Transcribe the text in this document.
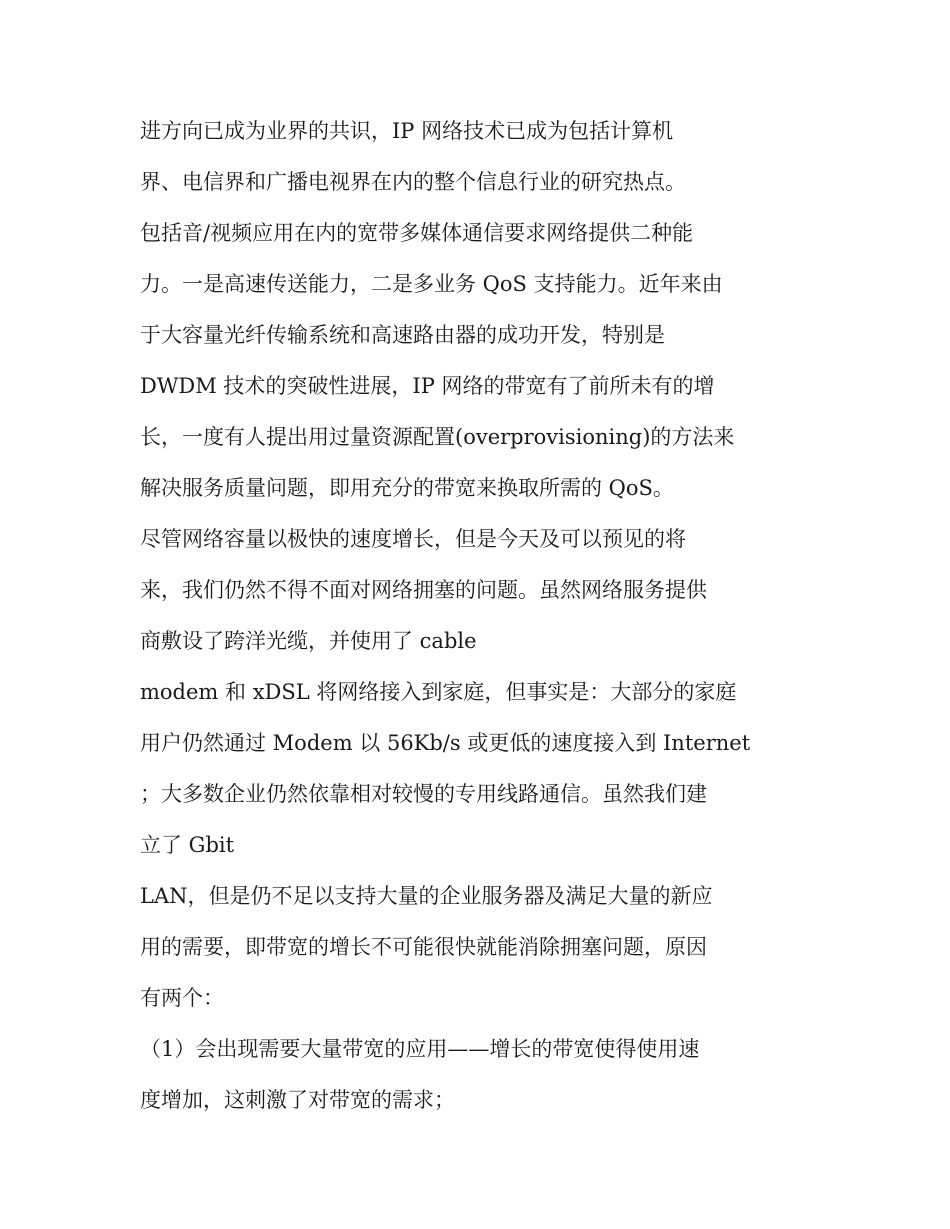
进方向已成为业界的共识，IP 网络技术已成为包括计算机
界、电信界和广播电视界在内的整个信息行业的研究热点。
包括音/视频应用在内的宽带多媒体通信要求网络提供二种能
力。一是高速传送能力，二是多业务 QoS 支持能力。近年来由
于大容量光纤传输系统和高速路由器的成功开发，特别是
DWDM 技术的突破性进展，IP 网络的带宽有了前所未有的增
长，一度有人提出用过量资源配置(overprovisioning)的方法来
解决服务质量问题，即用充分的带宽来换取所需的 QoS。
尽管网络容量以极快的速度增长，但是今天及可以预见的将
来，我们仍然不得不面对网络拥塞的问题。虽然网络服务提供
商敷设了跨洋光缆，并使用了 cable
modem 和 xDSL 将网络接入到家庭，但事实是：大部分的家庭
用户仍然通过 Modem 以 56Kb/s 或更低的速度接入到 Internet
；大多数企业仍然依靠相对较慢的专用线路通信。虽然我们建
立了 Gbit
LAN，但是仍不足以支持大量的企业服务器及满足大量的新应
用的需要，即带宽的增长不可能很快就能消除拥塞问题，原因
有两个：
（1）会出现需要大量带宽的应用——增长的带宽使得使用速
度增加，这刺激了对带宽的需求；
